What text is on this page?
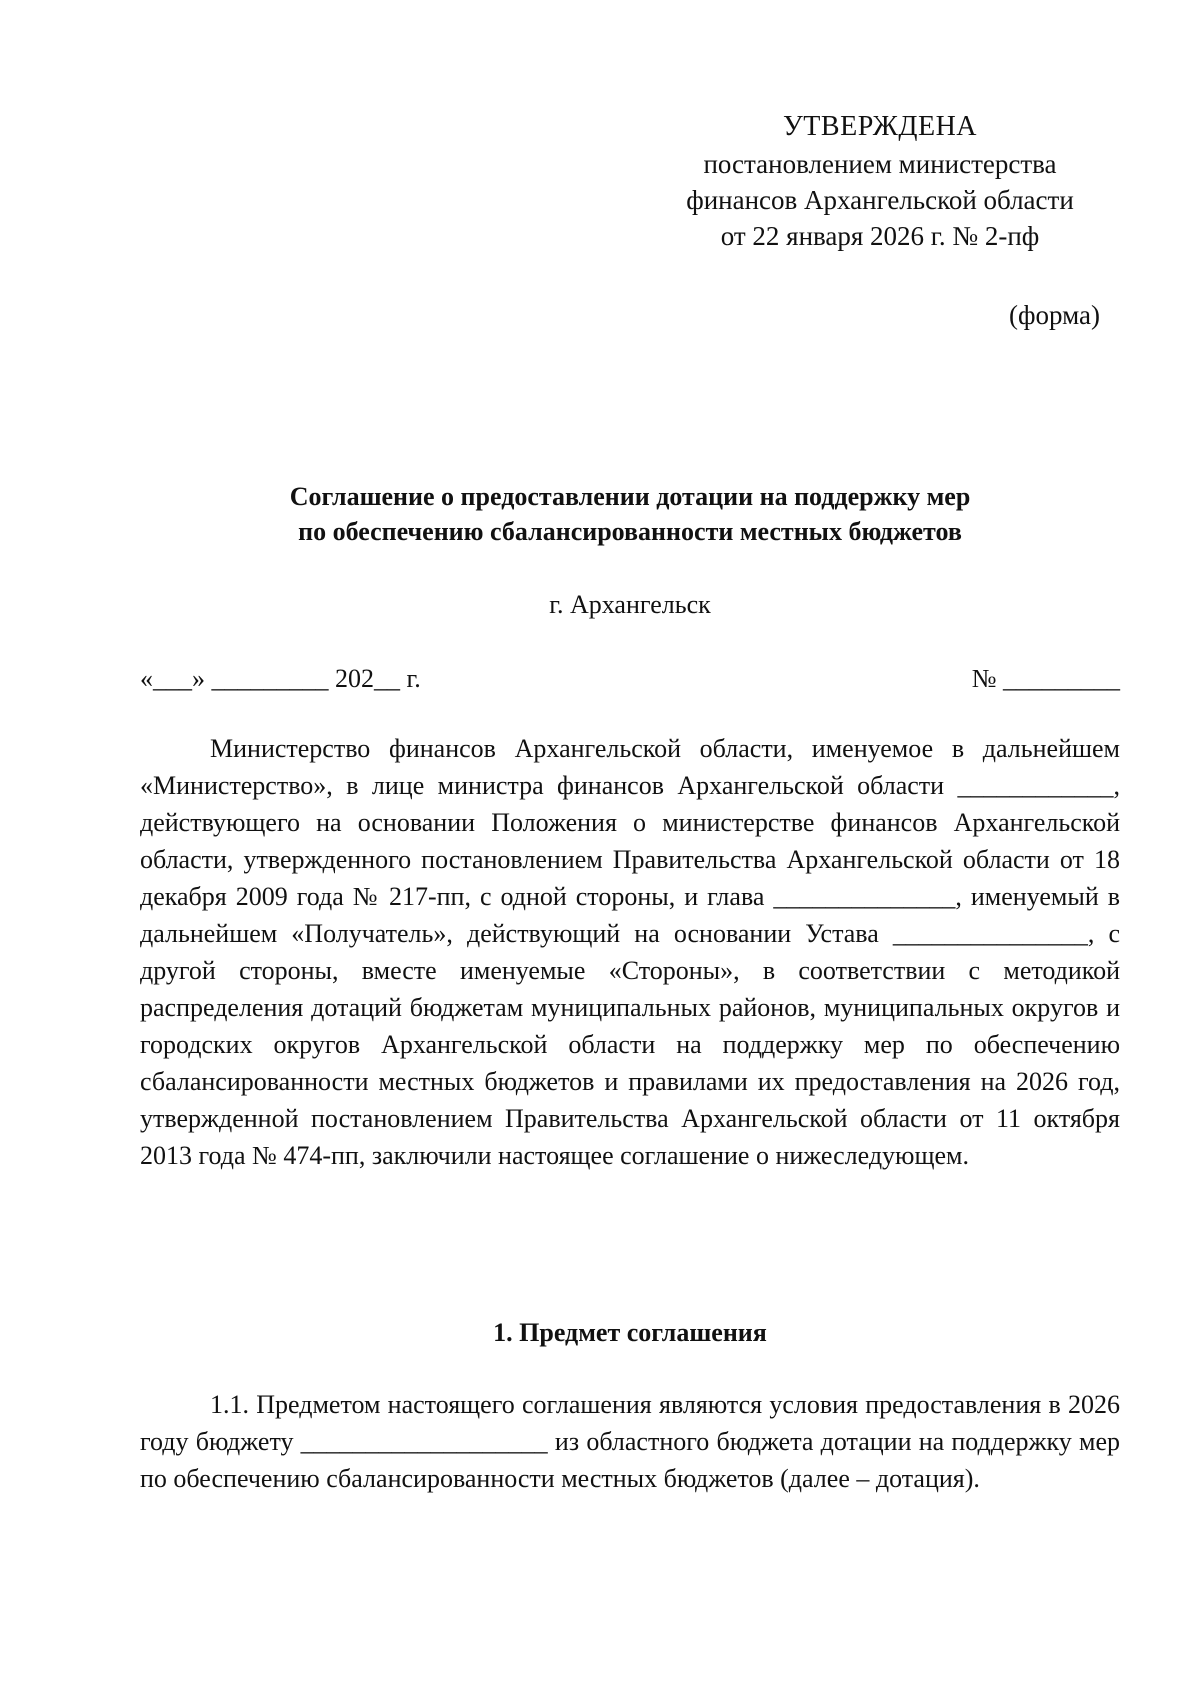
УТВЕРЖДЕНА
постановлением министерства
финансов Архангельской области
от 22 января 2026 г. № 2-пф
(форма)
Соглашение о предоставлении дотации на поддержку мер
по обеспечению сбалансированности местных бюджетов
г. Архангельск
«___» _________ 202__ г.	№ _________
Министерство финансов Архангельской области, именуемое в дальнейшем «Министерство», в лице министра финансов Архангельской области ____________, действующего на основании Положения о министерстве финансов Архангельской области, утвержденного постановлением Правительства Архангельской области от 18 декабря 2009 года № 217-пп, с одной стороны, и глава ______________, именуемый в дальнейшем «Получатель», действующий на основании Устава _______________, с другой стороны, вместе именуемые «Стороны», в соответствии с методикой распределения дотаций бюджетам муниципальных районов, муниципальных округов и городских округов Архангельской области на поддержку мер по обеспечению сбалансированности местных бюджетов и правилами их предоставления на 2026 год, утвержденной постановлением Правительства Архангельской области от 11 октября 2013 года № 474-пп, заключили настоящее соглашение о нижеследующем.
1. Предмет соглашения
1.1. Предметом настоящего соглашения являются условия предоставления в 2026 году бюджету ___________________ из областного бюджета дотации на поддержку мер по обеспечению сбалансированности местных бюджетов (далее – дотация).
